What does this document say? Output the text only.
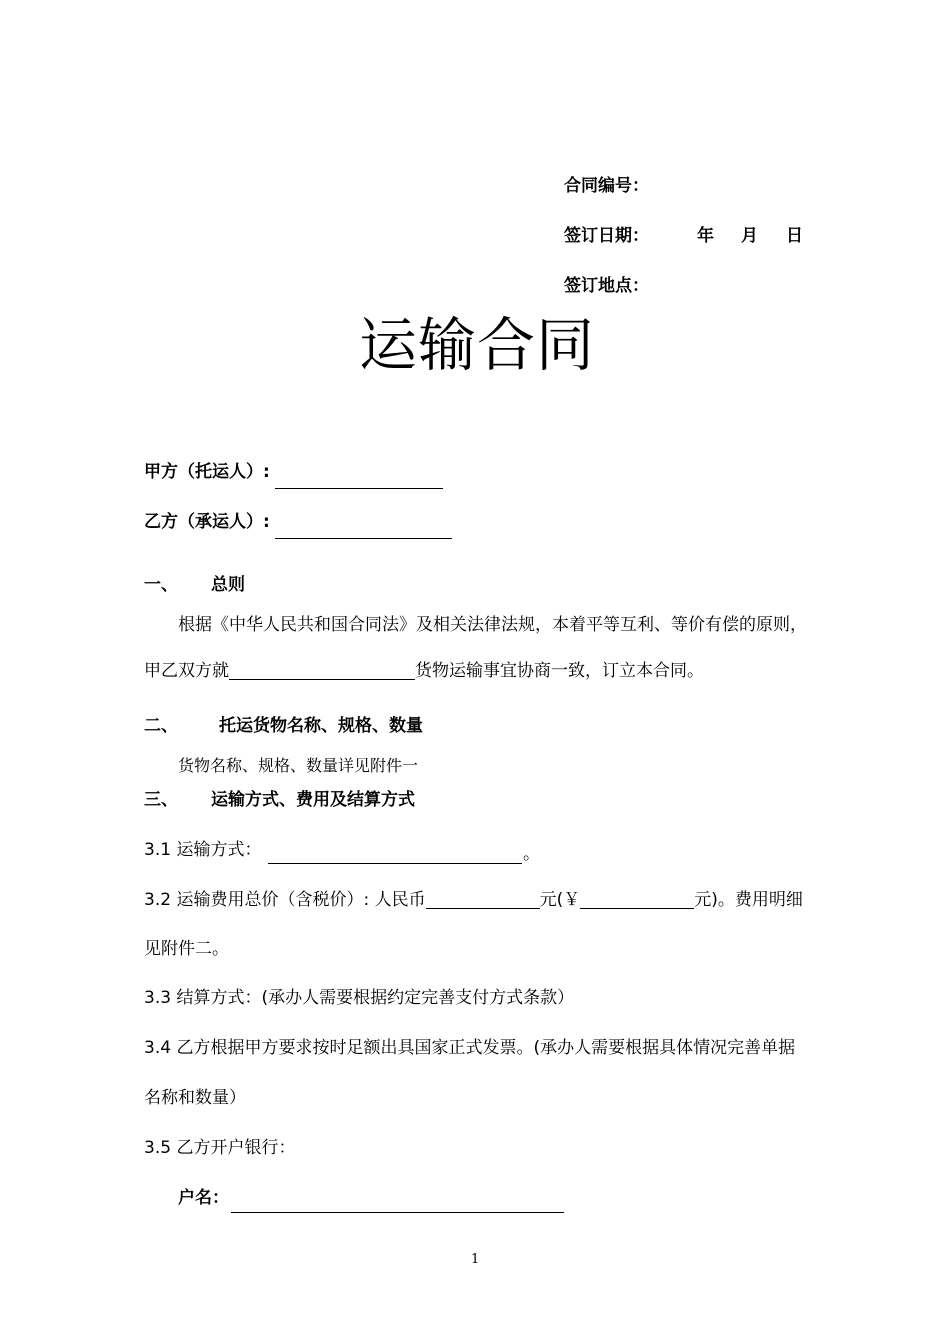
合同编号：
签订日期：	年 月 日
签订地点：
运输合同
甲方（托运人）:
乙方（承运人）:
一、 总则
根据《中华人民共和国合同法》及相关法律法规，本着平等互利、等价有偿的原则，
甲乙双方就	货物运输事宜协商一致，订立本合同。
二、 托运货物名称、规格、数量
货物名称、规格、数量详见附件一
三、 运输方式、费用及结算方式
3.1 运输方式：	。
3.2 运输费用总价（含税价）: 人民币	元(￥	元)。费用明细
见附件二。
3.3 结算方式：(承办人需要根据约定完善支付方式条款）
3.4 乙方根据甲方要求按时足额出具国家正式发票。(承办人需要根据具体情况完善单据
名称和数量）
3.5 乙方开户银行：
户名：
1
